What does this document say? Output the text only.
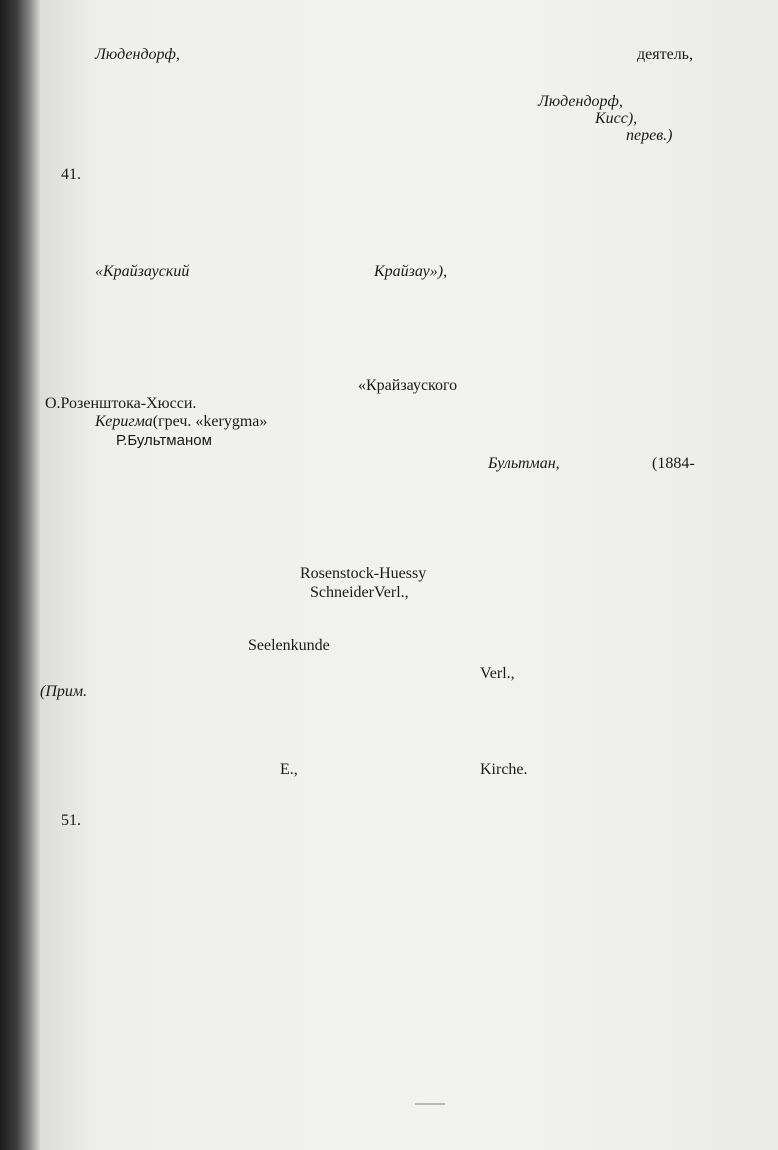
Людендорф,	деятель,
Людендорф,
Кисс),
перев.)
41.
«Крайзауский	Крайзау»),
«Крайзауского
О.Розенштока-Хюсси.
Керигма(греч. «kerygma»
Р.Бультманом
Бультман,	(1884-
Rosenstock-Huessy
SchneiderVerl.,
Seelenkunde
Verl.,
(Прим.
E.,	Kirche.
51.
